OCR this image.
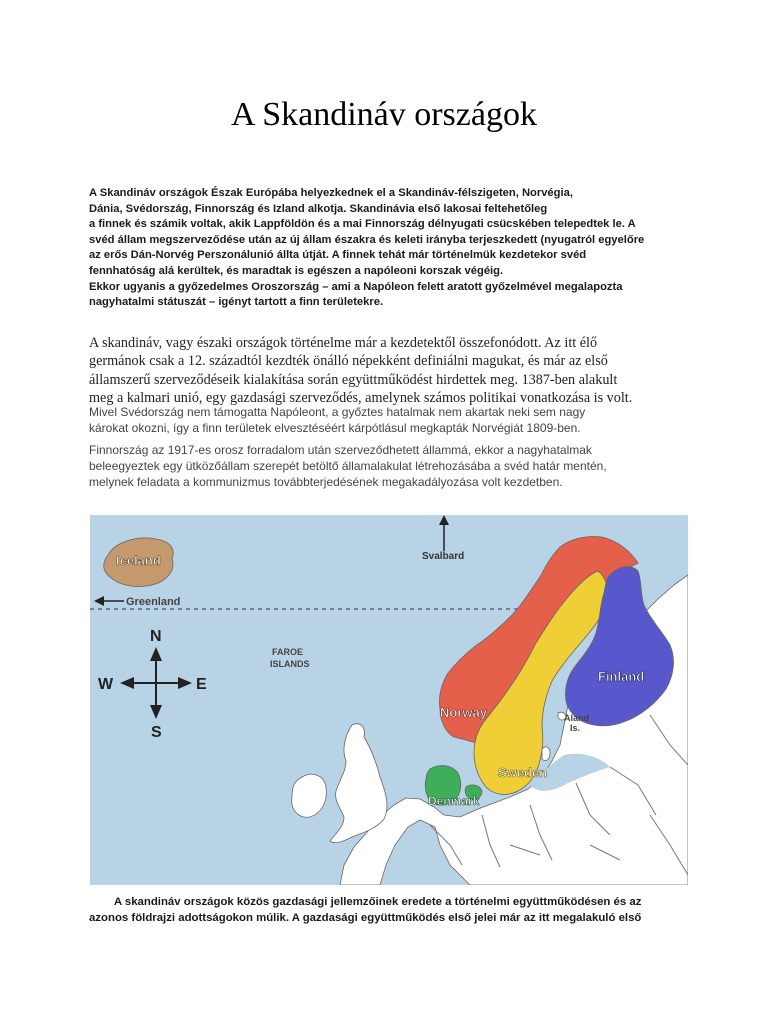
A Skandináv országok
A Skandináv országok Észak Európába helyezkednek el a Skandináv-félszigeten, Norvégia,
Dánia, Svédország, Finnország és Izland alkotja. Skandinávia első lakosai feltehetőleg
a finnek és számik voltak, akik Lappföldön és a mai Finnország délnyugati csücskében telepedtek le. A
svéd állam megszerveződése után az új állam északra és keleti irányba terjeszkedett (nyugatról egyelőre
az erős Dán-Norvég Perszonálunió állta útját. A finnek tehát már történelmük kezdetekor svéd
fennhatóság alá kerültek, és maradtak is egészen a napóleoni korszak végéig.
Ekkor ugyanis a győzedelmes Oroszország – ami a Napóleon felett aratott győzelmével megalapozta
nagyhatalmi státuszát – igényt tartott a finn területekre.
A skandináv, vagy északi országok történelme már a kezdetektől összefonódott. Az itt élő
germánok csak a 12. századtól kezdték önálló népekként definiálni magukat, és már az első
államszerű szerveződéseik kialakítása során együttműködést hirdettek meg. 1387-ben alakult
meg a kalmari unió, egy gazdasági szerveződés, amelynek számos politikai vonatkozása is volt.
Mivel Svédország nem támogatta Napóleont, a győztes hatalmak nem akartak neki sem nagy
károkat okozni, így a finn területek elvesztéséért kárpótlásul megkapták Norvégiát 1809-ben.
Finnország az 1917-es orosz forradalom után szerveződhetett állammá, ekkor a nagyhatalmak
beleegyeztek egy ütközőállam szerepét betöltő államalakulat létrehozásába a svéd határ mentén,
melynek feladata a kommunizmus továbbterjedésének megakadályozása volt kezdetben.
N
S
W	E
Iceland
Greenland
Svalbard
FAROE
ISLANDS
Norway
Sweden
Finland
Aland
Is.
Denmark
A skandináv országok közös gazdasági jellemzőinek eredete a történelmi együttműködésen és az
azonos földrajzi adottságokon múlik. A gazdasági együttműködés első jelei már az itt megalakuló első
